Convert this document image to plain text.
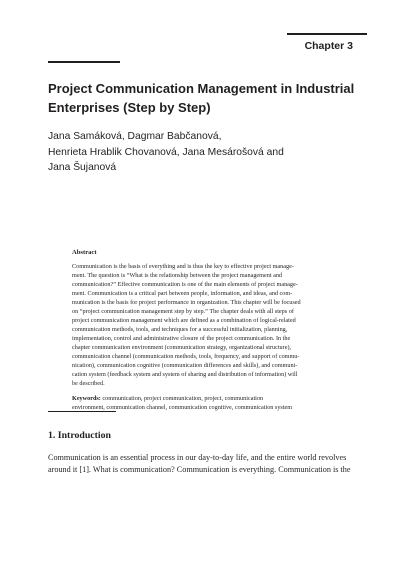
Chapter 3
Project Communication Management in Industrial
Enterprises (Step by Step)
Jana Samáková, Dagmar Babčanová,
Henrieta Hrablik Chovanová, Jana Mesárošová and
Jana Šujanová
Abstract
Communication is the basis of everything and is thus the key to effective project manage-
ment. The question is “What is the relationship between the project management and
communication?” Effective communication is one of the main elements of project manage-
ment. Communication is a critical part between people, information, and ideas, and com-
munication is the basis for project performance in organization. This chapter will be focused
on “project communication management step by step.” The chapter deals with all steps of
project communication management which are defined as a combination of logical-related
communication methods, tools, and techniques for a successful initialization, planning,
implementation, control and administrative closure of the project communication. In the
chapter communication environment (communication strategy, organizational structure),
communication channel (communication methods, tools, frequency, and support of commu-
nication), communication cognitive (communication differences and skills), and communi-
cation system (feedback system and system of sharing and distribution of information) will
be described.
Keywords: communication, project communication, project, communication
environment, communication channel, communication cognitive, communication system
1. Introduction
Communication is an essential process in our day-to-day life, and the entire world revolves
around it [1]. What is communication? Communication is everything. Communication is the
